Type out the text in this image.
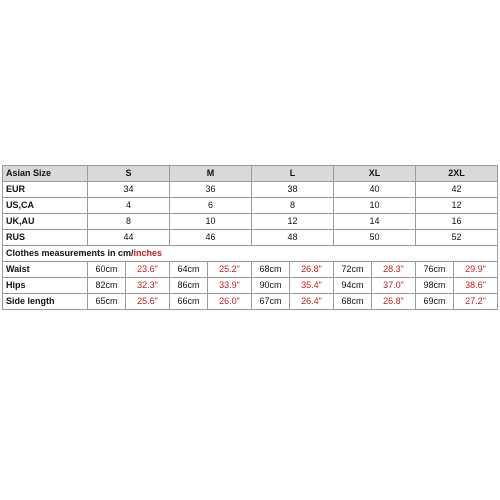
Asian Size	S		M		L		XL		2XL	
EUR	34		36		38		40		42	
US,CA	4		6		8		10		12	
UK,AU	8		10		12		14		16	
RUS	44		46		48		50		52	
Clothes measurements in cm/inches										
Waist	60cm	23.6"	64cm	25.2"	68cm	26.8"	72cm	28.3"	76cm	29.9"
Hips	82cm	32.3"	86cm	33.9"	90cm	35.4"	94cm	37.0"	98cm	38.6"
Side length	65cm	25.6"	66cm	26.0"	67cm	26.4"	68cm	26.8"	69cm	27.2"
